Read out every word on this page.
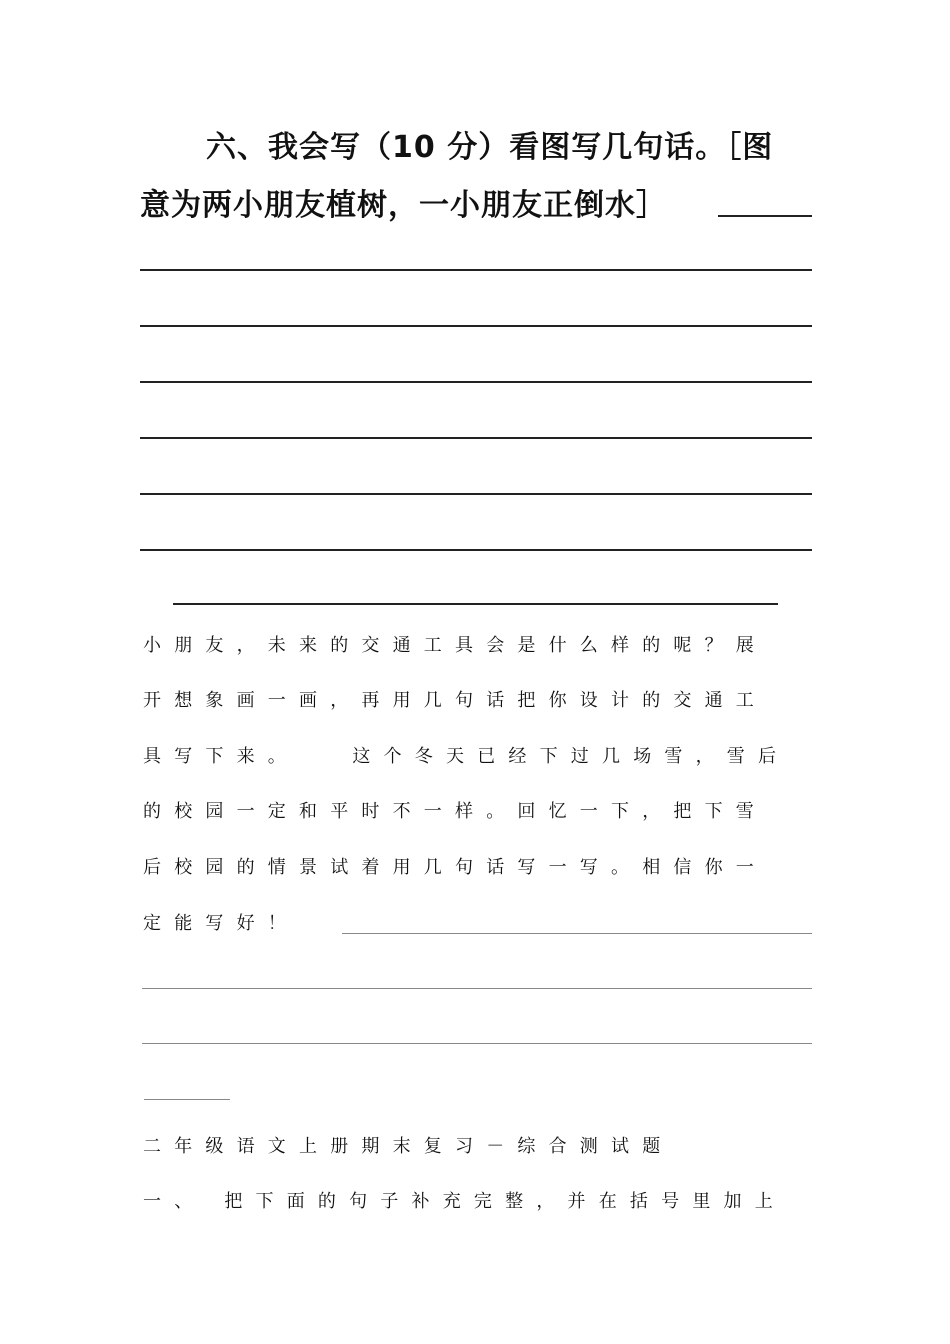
六、我会写（10 分）看图写几句话。［图
意为两小朋友植树，一小朋友正倒水］
小朋友，未来的交通工具会是什么样的呢？展
开想象画一画，再用几句话把你设计的交通工
具写下来。　　这个冬天已经下过几场雪，雪后
的校园一定和平时不一样。回忆一下，把下雪
后校园的情景试着用几句话写一写。相信你一
定能写好！
二年级语文上册期末复习－综合测试题
一、 把下面的句子补充完整，并在括号里加上
